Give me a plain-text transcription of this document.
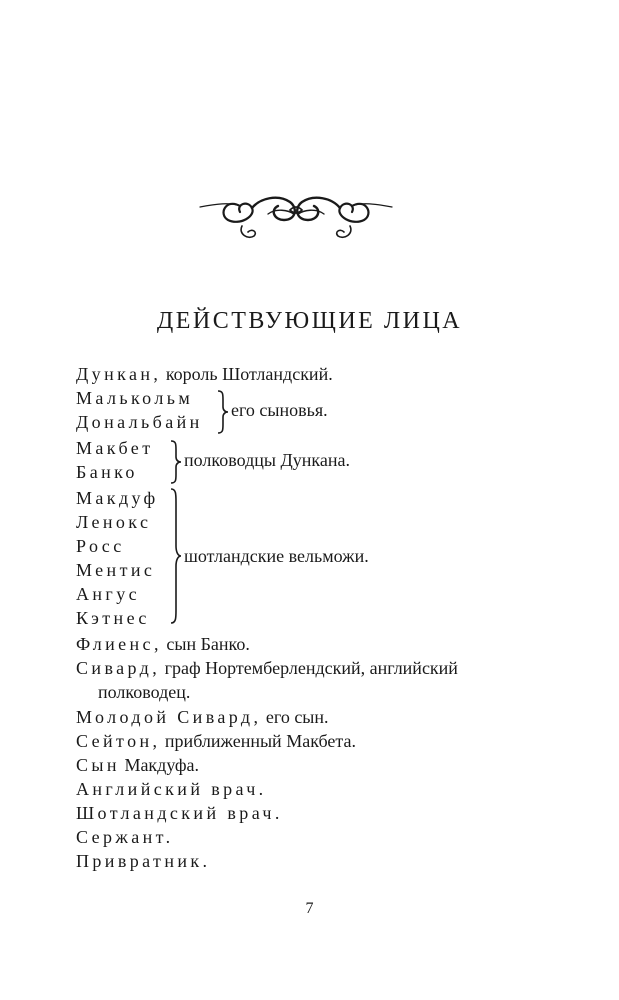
ДЕЙСТВУЮЩИЕ ЛИЦА
Дункан, король Шотландский.
Малькольм
Дональбайн
его сыновья.
Макбет
Банко
полководцы Дункана.
Макдуф
Ленокс
Росс
Ментис
Ангус
Кэтнес
шотландские вельможи.
Флиенс, сын Банко.
Сивард, граф Нортемберлендский, английский
полководец.
Молодой Сивард, его сын.
Сейтон, приближенный Макбета.
Сын Макдуфа.
Английский врач.
Шотландский врач.
Сержант.
Привратник.
7
